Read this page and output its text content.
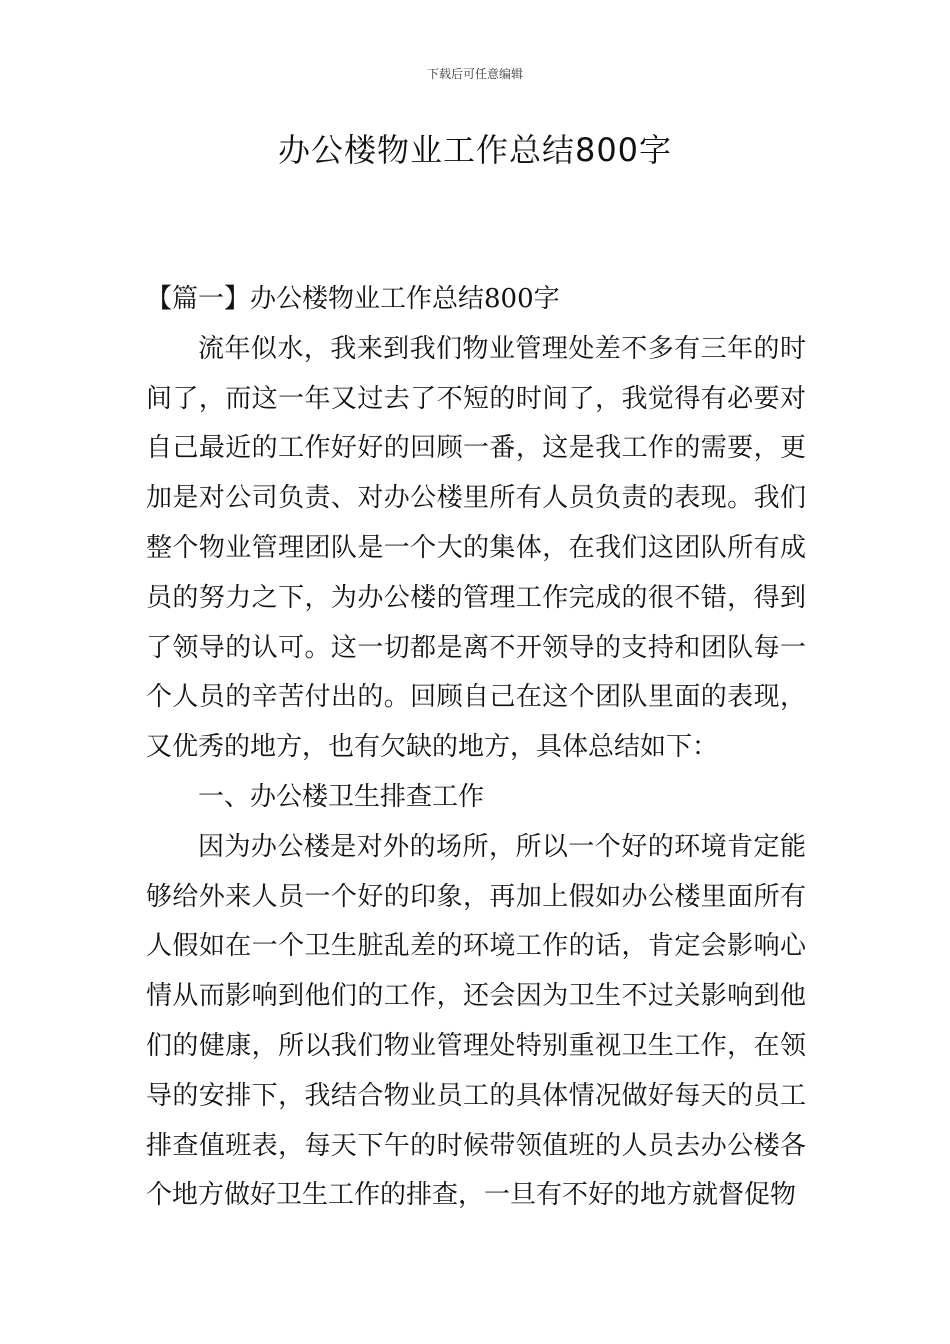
下载后可任意编辑
办公楼物业工作总结800字

【篇一】办公楼物业工作总结800字

流年似水，我来到我们物业管理处差不多有三年的时间了，而这一年又过去了不短的时间了，我觉得有必要对自己最近的工作好好的回顾一番，这是我工作的需要，更加是对公司负责、对办公楼里所有人员负责的表现。我们整个物业管理团队是一个大的集体，在我们这团队所有成员的努力之下，为办公楼的管理工作完成的很不错，得到了领导的认可。这一切都是离不开领导的支持和团队每一个人员的辛苦付出的。回顾自己在这个团队里面的表现，又优秀的地方，也有欠缺的地方，具体总结如下：

一、办公楼卫生排查工作

因为办公楼是对外的场所，所以一个好的环境肯定能够给外来人员一个好的印象，再加上假如办公楼里面所有人假如在一个卫生脏乱差的环境工作的话，肯定会影响心情从而影响到他们的工作，还会因为卫生不过关影响到他们的健康，所以我们物业管理处特别重视卫生工作，在领导的安排下，我结合物业员工的具体情况做好每天的员工排查值班表，每天下午的时候带领值班的人员去办公楼各个地方做好卫生工作的排查，一旦有不好的地方就督促物
